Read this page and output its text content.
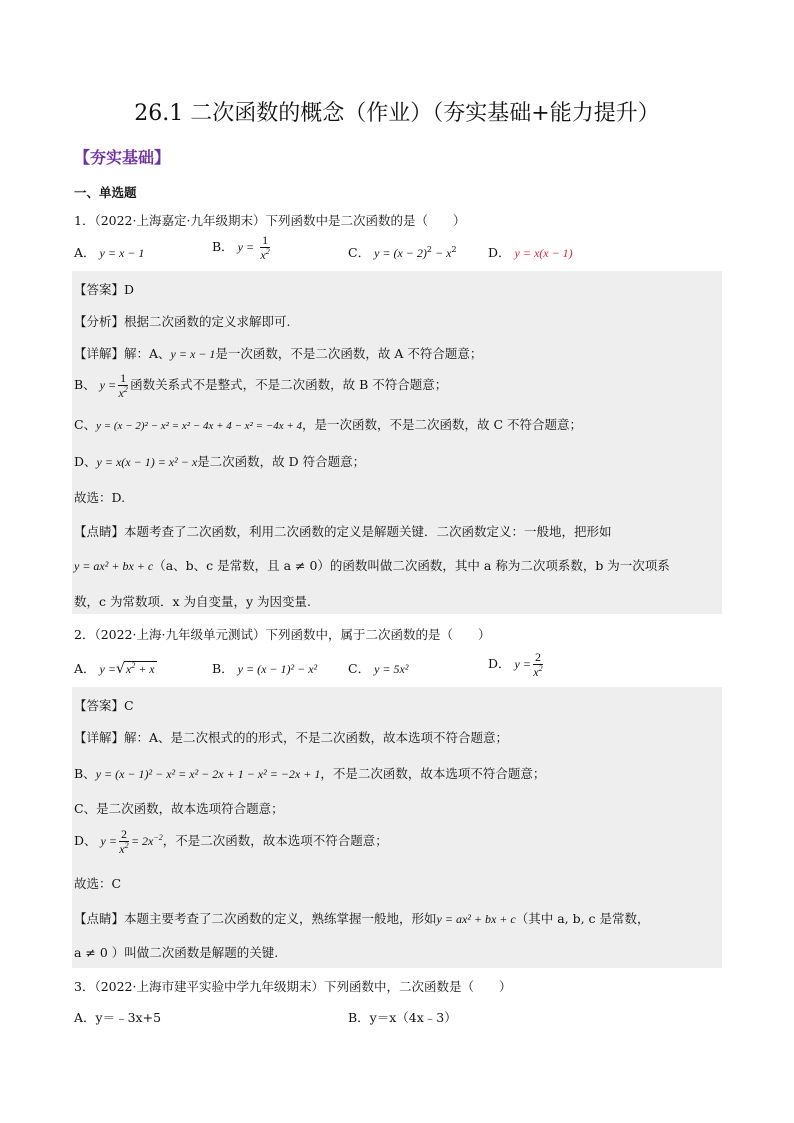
26.1 二次函数的概念（作业）（夯实基础+能力提升）
【夯实基础】
一、单选题
1．（2022·上海嘉定·九年级期末）下列函数中是二次函数的是（　　）
A． y = x − 1	B． $y = \frac{1}{x^2}$	C． $y = (x - 2)^2 - x^2$	D． y = x(x − 1)
【答案】D
【分析】根据二次函数的定义求解即可.
【详解】解：A、y = x − 1是一次函数，不是二次函数，故 A 不符合题意；
B、 $y = \frac{1}{x^2}$ 函数关系式不是整式，不是二次函数，故 B 不符合题意；
C、y = (x − 2)² − x² = x² − 4x + 4 − x² = −4x + 4，是一次函数，不是二次函数，故 C 不符合题意；
D、y = x(x − 1) = x² − x是二次函数，故 D 符合题意；
故选：D.
【点睛】本题考查了二次函数，利用二次函数的定义是解题关键．二次函数定义：一般地，把形如
y = ax² + bx + c（a、b、c 是常数，且 a ≠ 0）的函数叫做二次函数，其中 a 称为二次项系数，b 为一次项系
数，c 为常数项．x 为自变量，y 为因变量.
2．（2022·上海·九年级单元测试）下列函数中，属于二次函数的是（　　）
A． $y =√x^2 + x$	B． y = (x − 1)² − x² C． y = 5x²	D． $y = \frac{2}{x^2}$
【答案】C
【详解】解：A、是二次根式的的形式，不是二次函数，故本选项不符合题意；
B、y = (x − 1)² − x² = x² − 2x + 1 − x² = −2x + 1，不是二次函数，故本选项不符合题意；
C、是二次函数，故本选项符合题意；
D、 $y = \frac{2}{x^2} = 2x^{-2}$，不是二次函数，故本选项不符合题意；
故选：C
【点睛】本题主要考查了二次函数的定义，熟练掌握一般地，形如y = ax² + bx + c（其中 a, b, c 是常数，
a ≠ 0 ）叫做二次函数是解题的关键.
3．（2022·上海市建平实验中学九年级期末）下列函数中，二次函数是（　　）
A．y＝﹣3x+5	B．y＝x（4x﹣3）
